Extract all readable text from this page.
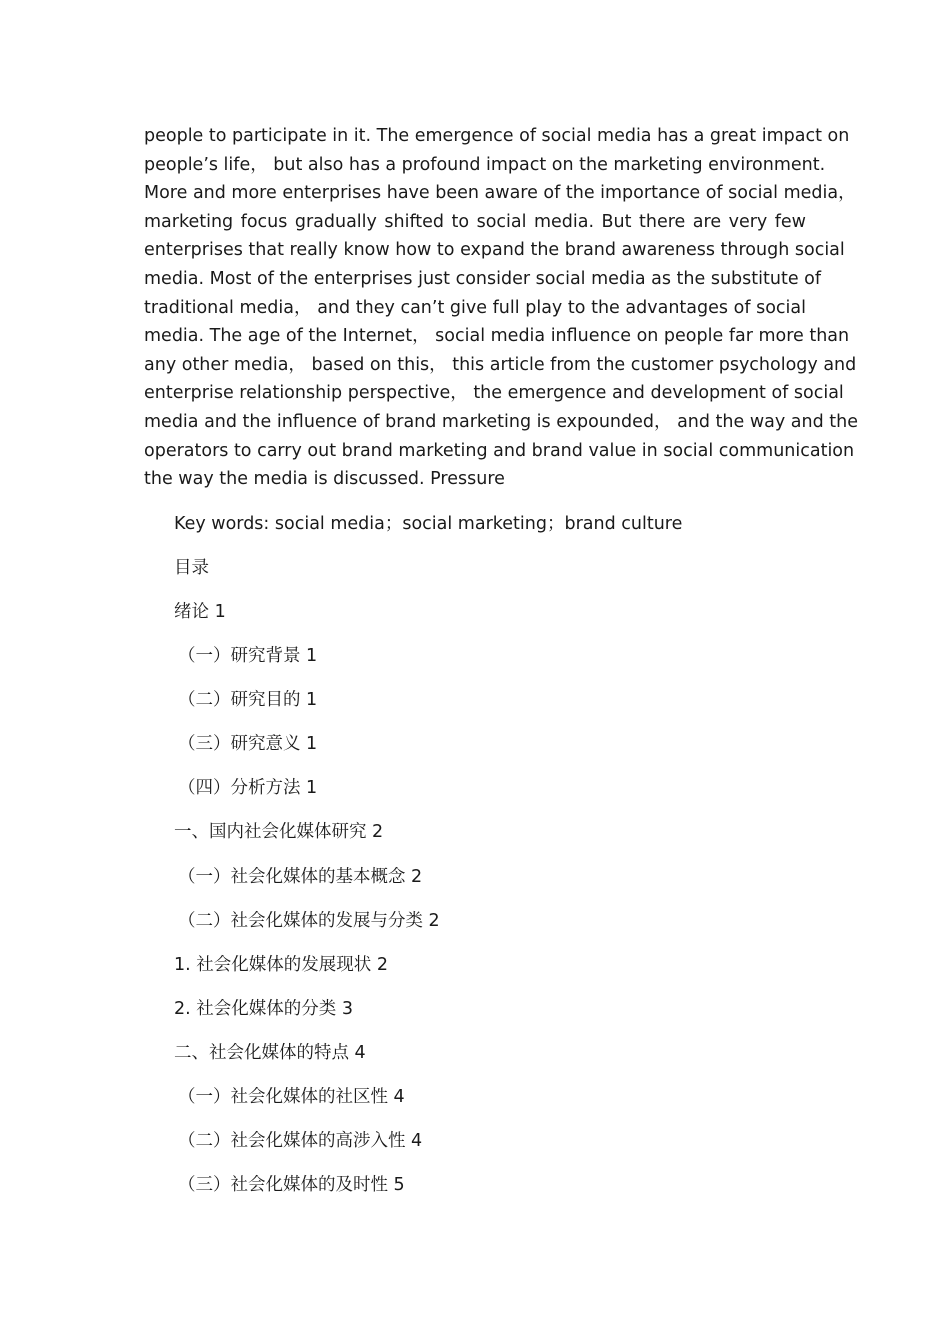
people to participate in it. The emergence of social media has a great impact on
people’s life， but also has a profound impact on the marketing environment.
More and more enterprises have been aware of the importance of social media，
marketing focus gradually shifted to social media. But there are very few
enterprises that really know how to expand the brand awareness through social
media. Most of the enterprises just consider social media as the substitute of
traditional media， and they can’t give full play to the advantages of social
media. The age of the Internet， social media influence on people far more than
any other media， based on this， this article from the customer psychology and
enterprise relationship perspective， the emergence and development of social
media and the influence of brand marketing is expounded， and the way and the
operators to carry out brand marketing and brand value in social communication
the way the media is discussed. Pressure
Key words: social media；social marketing；brand culture
目录
绪论 1
（一）研究背景 1
（二）研究目的 1
（三）研究意义 1
（四）分析方法 1
一、国内社会化媒体研究 2
（一）社会化媒体的基本概念 2
（二）社会化媒体的发展与分类 2
1. 社会化媒体的发展现状 2
2. 社会化媒体的分类 3
二、社会化媒体的特点 4
（一）社会化媒体的社区性 4
（二）社会化媒体的高涉入性 4
（三）社会化媒体的及时性 5
